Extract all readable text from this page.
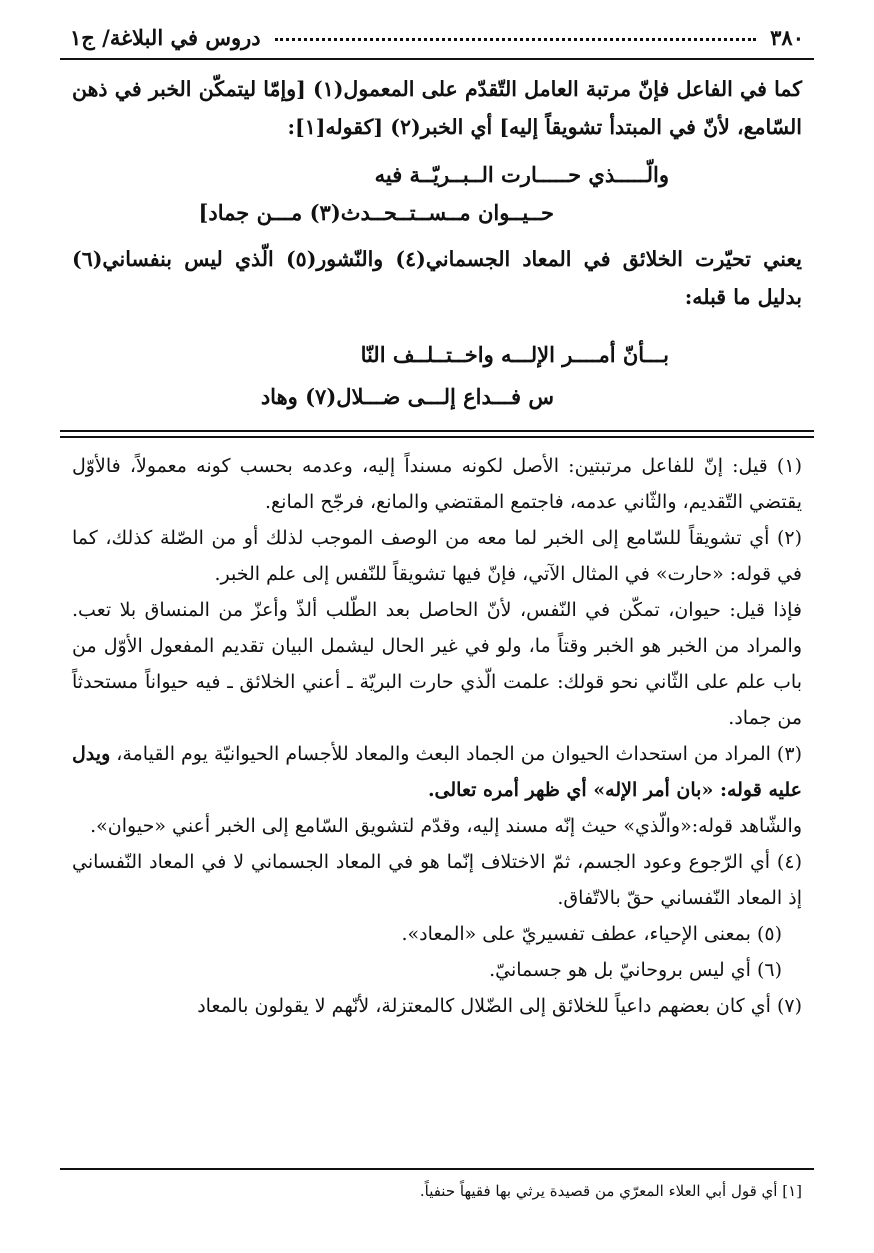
٣٨٠
دروس في البلاغة/ ج١

كما في الفاعل فإنّ مرتبة العامل التّقدّم على المعمول(١) [وإمّا ليتمكّن الخبر في ذهن السّامع، لأنّ في المبتدأ تشويقاً إليه] أي الخبر(٢) [كقوله[١]:

والّـــــذي حـــــارت الــبــريّــة فيه
حــيــوان مــســتــحــدث(٣) مـــن جماد]

يعني تحيّرت الخلائق في المعاد الجسماني(٤) والنّشور(٥) الّذي ليس بنفساني(٦) بدليل ما قبله:

بـــأنّ أمــــر الإلـــه واخــتــلــف النّا
س فـــداع إلـــى ضـــلال(٧) وهاد

(١) قيل: إنّ للفاعل مرتبتين: الأصل لكونه مسنداً إليه، وعدمه بحسب كونه معمولاً، فالأوّل يقتضي التّقديم، والثّاني عدمه، فاجتمع المقتضي والمانع، فرجّح المانع.

(٢) أي تشويقاً للسّامع إلى الخبر لما معه من الوصف الموجب لذلك أو من الصّلة كذلك، كما في قوله: «حارت» في المثال الآتي، فإنّ فيها تشويقاً للنّفس إلى علم الخبر.

فإذا قيل: حيوان، تمكّن في النّفس، لأنّ الحاصل بعد الطّلب ألذّ وأعزّ من المنساق بلا تعب. والمراد من الخبر هو الخبر وقتاً ما، ولو في غير الحال ليشمل البيان تقديم المفعول الأوّل من باب علم على الثّاني نحو قولك: علمت الّذي حارت البريّة ـ أعني الخلائق ـ فيه حيواناً مستحدثاً من جماد.

(٣) المراد من استحداث الحيوان من الجماد البعث والمعاد للأجسام الحيوانيّة يوم القيامة، ويدل عليه قوله: «بان أمر الإله» أي ظهر أمره تعالى.

والشّاهد قوله:«والّذي» حيث إنّه مسند إليه، وقدّم لتشويق السّامع إلى الخبر أعني «حيوان».

(٤) أي الرّجوع وعود الجسم، ثمّ الاختلاف إنّما هو في المعاد الجسماني لا في المعاد النّفساني إذ المعاد النّفساني حقّ بالاتّفاق.

(٥) بمعنى الإحياء، عطف تفسيريّ على «المعاد».

(٦) أي ليس بروحانيّ بل هو جسمانيّ.

(٧) أي كان بعضهم داعياً للخلائق إلى الضّلال كالمعتزلة، لأنّهم لا يقولون بالمعاد

[١] أي قول أبي العلاء المعرّي من قصيدة يرثي بها فقيهاً حنفياً.
